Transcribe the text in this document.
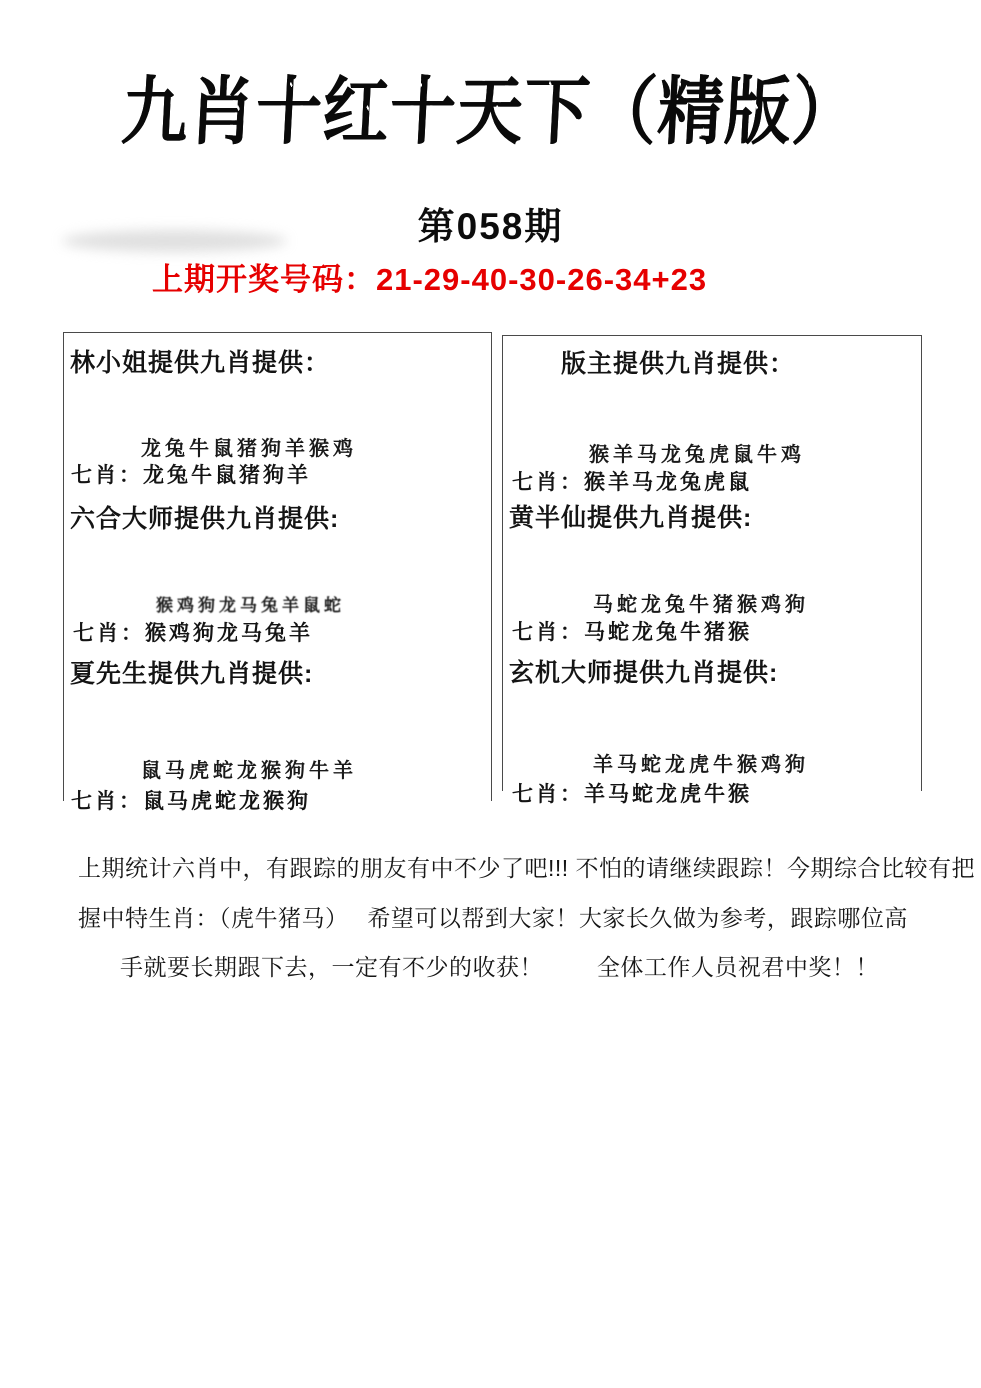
九肖十红十天下（精版）
第058期
上期开奖号码：21-29-40-30-26-34+23
林小姐提供九肖提供：
龙兔牛鼠猪狗羊猴鸡
七肖：龙兔牛鼠猪狗羊
六合大师提供九肖提供:
猴鸡狗龙马兔羊鼠蛇
七肖：猴鸡狗龙马兔羊
夏先生提供九肖提供:
鼠马虎蛇龙猴狗牛羊
七肖：鼠马虎蛇龙猴狗
版主提供九肖提供：
猴羊马龙兔虎鼠牛鸡
七肖：猴羊马龙兔虎鼠
黄半仙提供九肖提供:
马蛇龙兔牛猪猴鸡狗
七肖：马蛇龙兔牛猪猴
玄机大师提供九肖提供:
羊马蛇龙虎牛猴鸡狗
七肖：羊马蛇龙虎牛猴
上期统计六肖中，有跟踪的朋友有中不少了吧!!! 不怕的请继续跟踪！今期综合比较有把
握中特生肖：（虎牛猪马）　 希望可以帮到大家！大家长久做为参考，跟踪哪位高
手就要长期跟下去，一定有不少的收获！　　 全体工作人员祝君中奖！！
